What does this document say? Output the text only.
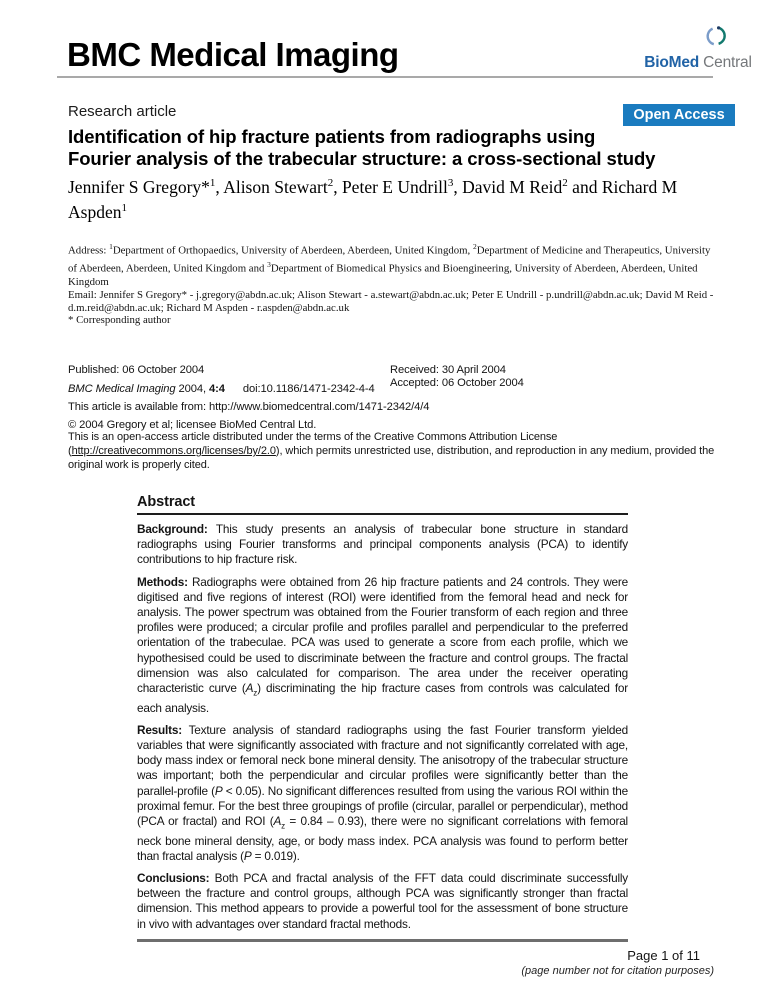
BMC Medical Imaging	BioMed Central
Research article	Open Access
Identification of hip fracture patients from radiographs using
Fourier analysis of the trabecular structure: a cross-sectional study
Jennifer S Gregory*$^1$, Alison Stewart$^2$, Peter E Undrill$^3$, David M Reid$^2$ and Richard M Aspden$^1$
Address: $^1$Department of Orthopaedics, University of Aberdeen, Aberdeen, United Kingdom, $^2$Department of Medicine and Therapeutics, University of Aberdeen, Aberdeen, United Kingdom and $^3$Department of Biomedical Physics and Bioengineering, University of Aberdeen, Aberdeen, United Kingdom
Email: Jennifer S Gregory* - j.gregory@abdn.ac.uk; Alison Stewart - a.stewart@abdn.ac.uk; Peter E Undrill - p.undrill@abdn.ac.uk; David M Reid - d.m.reid@abdn.ac.uk; Richard M Aspden - r.aspden@abdn.ac.uk
* Corresponding author
Published: 06 October 2004	Received: 30 April 2004
Accepted: 06 October 2004
BMC Medical Imaging 2004, 4:4 doi:10.1186/1471-2342-4-4
This article is available from: http://www.biomedcentral.com/1471-2342/4/4
© 2004 Gregory et al; licensee BioMed Central Ltd.
This is an open-access article distributed under the terms of the Creative Commons Attribution License (http://creativecommons.org/licenses/by/2.0), which permits unrestricted use, distribution, and reproduction in any medium, provided the original work is properly cited.
Abstract

Background: This study presents an analysis of trabecular bone structure in standard radiographs using Fourier transforms and principal components analysis (PCA) to identify contributions to hip fracture risk.

Methods: Radiographs were obtained from 26 hip fracture patients and 24 controls. They were digitised and five regions of interest (ROI) were identified from the femoral head and neck for analysis. The power spectrum was obtained from the Fourier transform of each region and three profiles were produced; a circular profile and profiles parallel and perpendicular to the preferred orientation of the trabeculae. PCA was used to generate a score from each profile, which we hypothesised could be used to discriminate between the fracture and control groups. The fractal dimension was also calculated for comparison. The area under the receiver operating characteristic curve $(A_z)$ discriminating the hip fracture cases from controls was calculated for each analysis.

Results: Texture analysis of standard radiographs using the fast Fourier transform yielded variables that were significantly associated with fracture and not significantly correlated with age, body mass index or femoral neck bone mineral density. The anisotropy of the trabecular structure was important; both the perpendicular and circular profiles were significantly better than the parallel-profile (P < 0.05). No significant differences resulted from using the various ROI within the proximal femur. For the best three groupings of profile (circular, parallel or perpendicular), method (PCA or fractal) and ROI $(A_z = 0.84 - 0.93)$, there were no significant correlations with femoral neck bone mineral density, age, or body mass index. PCA analysis was found to perform better than fractal analysis (P = 0.019).

Conclusions: Both PCA and fractal analysis of the FFT data could discriminate successfully between the fracture and control groups, although PCA was significantly stronger than fractal dimension. This method appears to provide a powerful tool for the assessment of bone structure in vivo with advantages over standard fractal methods.

Page 1 of 11
(page number not for citation purposes)
